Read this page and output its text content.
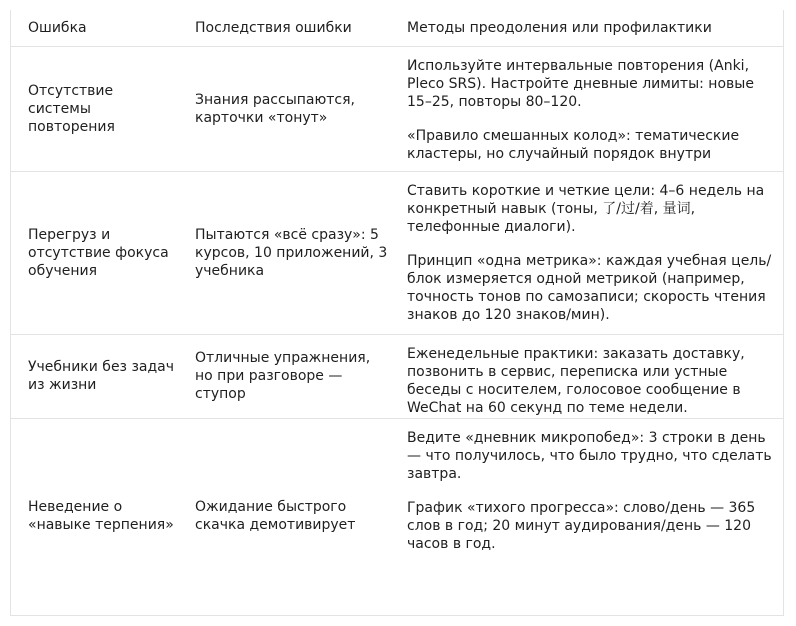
Ошибка	Последствия ошибки	Методы преодоления или профилактики
Отсутствие системы повторения	Знания рассыпаются, карточки «тонут»	Используйте интервальные повторения (Anki, Pleco SRS). Настройте дневные лимиты: новые 15–25, повторы 80–120.

«Правило смешанных колод»: тематические кластеры, но случайный порядок внутри

Перегруз и отсутствие фокуса обучения	Пытаются «всё сразу»: 5 курсов, 10 приложений, 3 учебника	Ставить короткие и четкие цели: 4–6 недель на конкретный навык (тоны, 了/过/着, 量词, телефонные диалоги).

Принцип «одна метрика»: каждая учебная цель/блок измеряется одной метрикой (например, точность тонов по самозаписи; скорость чтения знаков до 120 знаков/мин).

Учебники без задач из жизни	Отличные упражнения, но при разговоре — ступор	Еженедельные практики: заказать доставку, позвонить в сервис, переписка или устные беседы с носителем, голосовое сообщение в WeChat на 60 секунд по теме недели.

Неведение о «навыке терпения»	Ожидание быстрого скачка демотивирует	Ведите «дневник микропобед»: 3 строки в день — что получилось, что было трудно, что сделать завтра.

График «тихого прогресса»: слово/день — 365 слов в год; 20 минут аудирования/день — 120 часов в год.
